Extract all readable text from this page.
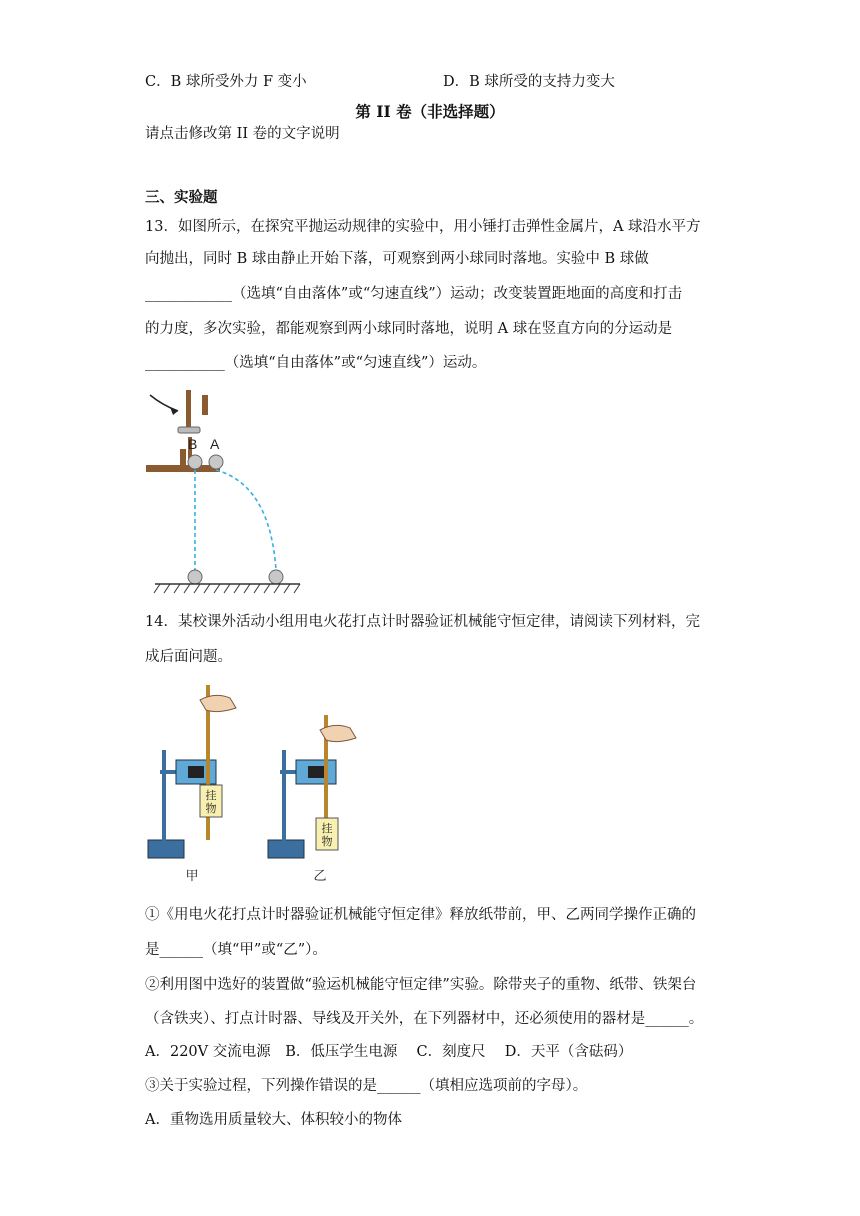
C．B 球所受外力 F 变小	D．B 球所受的支持力变大
第 II 卷（非选择题）
请点击修改第 II 卷的文字说明
三、实验题
13．如图所示，在探究平抛运动规律的实验中，用小锤打击弹性金属片，A 球沿水平方
向抛出，同时 B 球由静止开始下落，可观察到两小球同时落地。实验中 B 球做
____________（选填“自由落体”或“匀速直线”）运动；改变装置距地面的高度和打击
的力度，多次实验，都能观察到两小球同时落地，说明 A 球在竖直方向的分运动是
___________（选填“自由落体”或“匀速直线”）运动。
B A
14．某校课外活动小组用电火花打点计时器验证机械能守恒定律，请阅读下列材料，完
成后面问题。
挂
物
挂
物
甲	乙
①《用电火花打点计时器验证机械能守恒定律》释放纸带前，甲、乙两同学操作正确的
是______（填“甲”或“乙”）。
②利用图中选好的装置做“验运机械能守恒定律”实验。除带夹子的重物、纸带、铁架台
（含铁夹）、打点计时器、导线及开关外，在下列器材中，还必须使用的器材是______。
A．220V 交流电源　B．低压学生电源　 C．刻度尺　 D．天平（含砝码）
③关于实验过程，下列操作错误的是______（填相应选项前的字母）。
A．重物选用质量较大、体积较小的物体
